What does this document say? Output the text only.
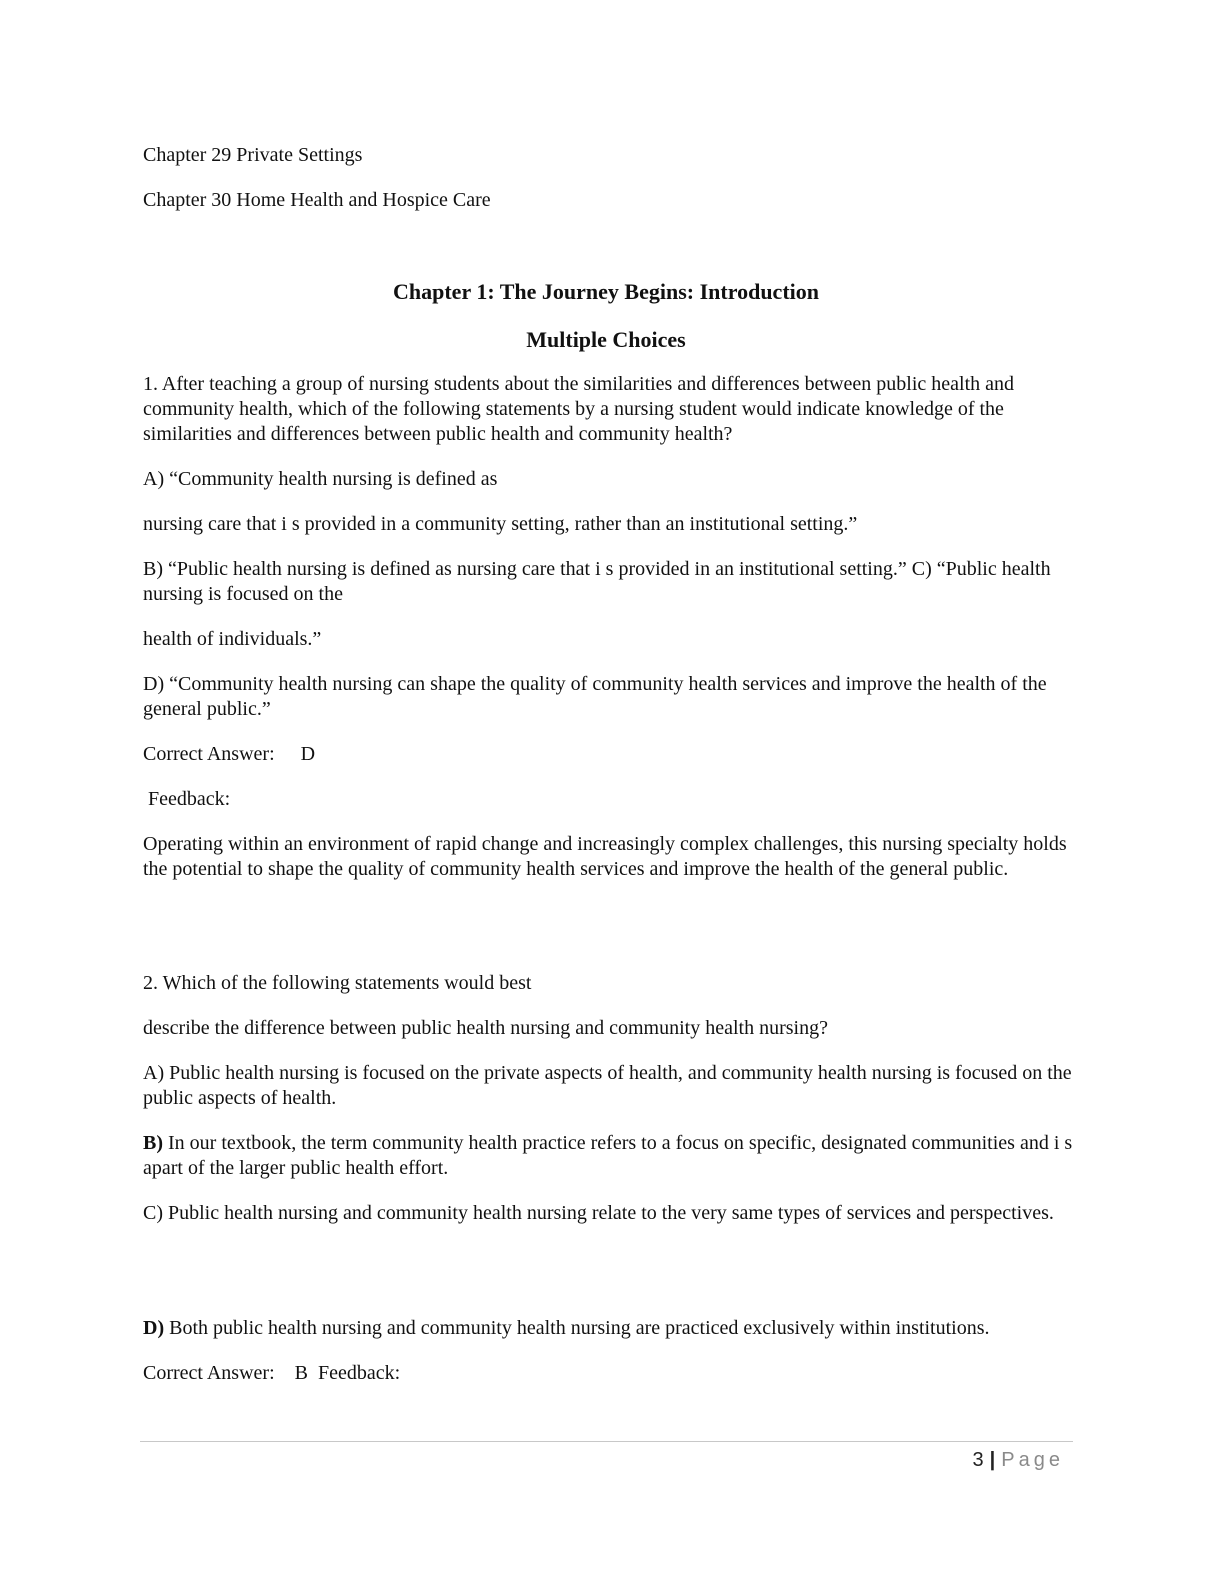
Chapter 29 Private Settings

Chapter 30 Home Health and Hospice Care

Chapter 1: The Journey Begins: Introduction
Multiple Choices

1. After teaching a group of nursing students about the similarities and differences between public health and community health, which of the following statements by a nursing student would indicate knowledge of the similarities and differences between public health and community health?

A) “Community health nursing is defined as

nursing care that i s provided in a community setting, rather than an institutional setting.”

B) “Public health nursing is defined as nursing care that i s provided in an institutional setting.” C) “Public health nursing is focused on the

health of individuals.”

D) “Community health nursing can shape the quality of community health services and improve the health of the general public.”

Correct Answer: D

Feedback:

Operating within an environment of rapid change and increasingly complex challenges, this nursing specialty holds the potential to shape the quality of community health services and improve the health of the general public.

2. Which of the following statements would best

describe the difference between public health nursing and community health nursing?

A) Public health nursing is focused on the private aspects of health, and community health nursing is focused on the public aspects of health.

B) In our textbook, the term community health practice refers to a focus on specific, designated communities and i s apart of the larger public health effort.

C) Public health nursing and community health nursing relate to the very same types of services and perspectives.

D) Both public health nursing and community health nursing are practiced exclusively within institutions.

Correct Answer: B Feedback:

3 | Page
